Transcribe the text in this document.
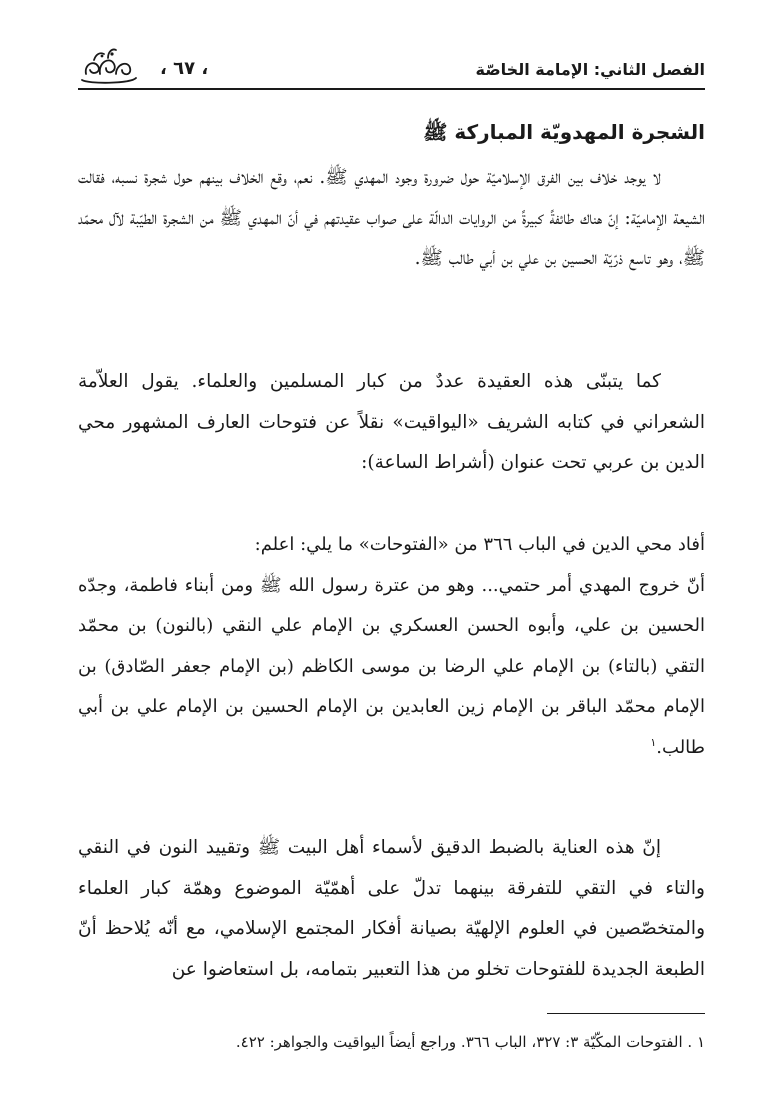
الفصل الثاني: الإمامة الخاصّة
، ٦٧ ،
الشجرة المهدويّة المباركة ﷺ

لا يوجد خلاف بين الفرق الإسلاميّة حول ضرورة وجود المهدي ﷺ. نعم، وقع الخلاف بينهم حول شجرة نسبه، فقالت الشيعة الإماميّة: إنّ هناك طائفةً كبيرةً من الروايات الدالّة على صواب عقيدتهم في أنّ المهدي ﷺ من الشجرة الطيّبة لآل محمّد ﷺ، وهو تاسع ذرّيّة الحسين بن علي بن أبي طالب ﷺ.

كما يتبنّى هذه العقيدة عددٌ من كبار المسلمين والعلماء. يقول العلاّمة الشعراني في كتابه الشريف «اليواقيت» نقلاً عن فتوحات العارف المشهور محي الدين بن عربي تحت عنوان (أشراط الساعة):

أفاد محي الدين في الباب ٣٦٦ من «الفتوحات» ما يلي: اعلم:

أنّ خروج المهدي أمر حتمي... وهو من عترة رسول الله ﷺ ومن أبناء فاطمة، وجدّه الحسين بن علي، وأبوه الحسن العسكري بن الإمام علي النقي (بالنون) بن محمّد التقي (بالتاء) بن الإمام علي الرضا بن موسى الكاظم (بن الإمام جعفر الصّادق) بن الإمام محمّد الباقر بن الإمام زين العابدين بن الإمام الحسين بن الإمام علي بن أبي طالب.$^١$

إنّ هذه العناية بالضبط الدقيق لأسماء أهل البيت ﷺ وتقييد النون في النقي والتاء في التقي للتفرقة بينهما تدلّ على أهمّيّة الموضوع وهمّة كبار العلماء والمتخصّصين في العلوم الإلهيّة بصيانة أفكار المجتمع الإسلامي، مع أنّه يُلاحظ أنّ الطبعة الجديدة للفتوحات تخلو من هذا التعبير بتمامه، بل استعاضوا عن

١ . الفتوحات المكّيّة ٣: ٣٢٧، الباب ٣٦٦. وراجع أيضاً اليواقيت والجواهر: ٤٢٢.
